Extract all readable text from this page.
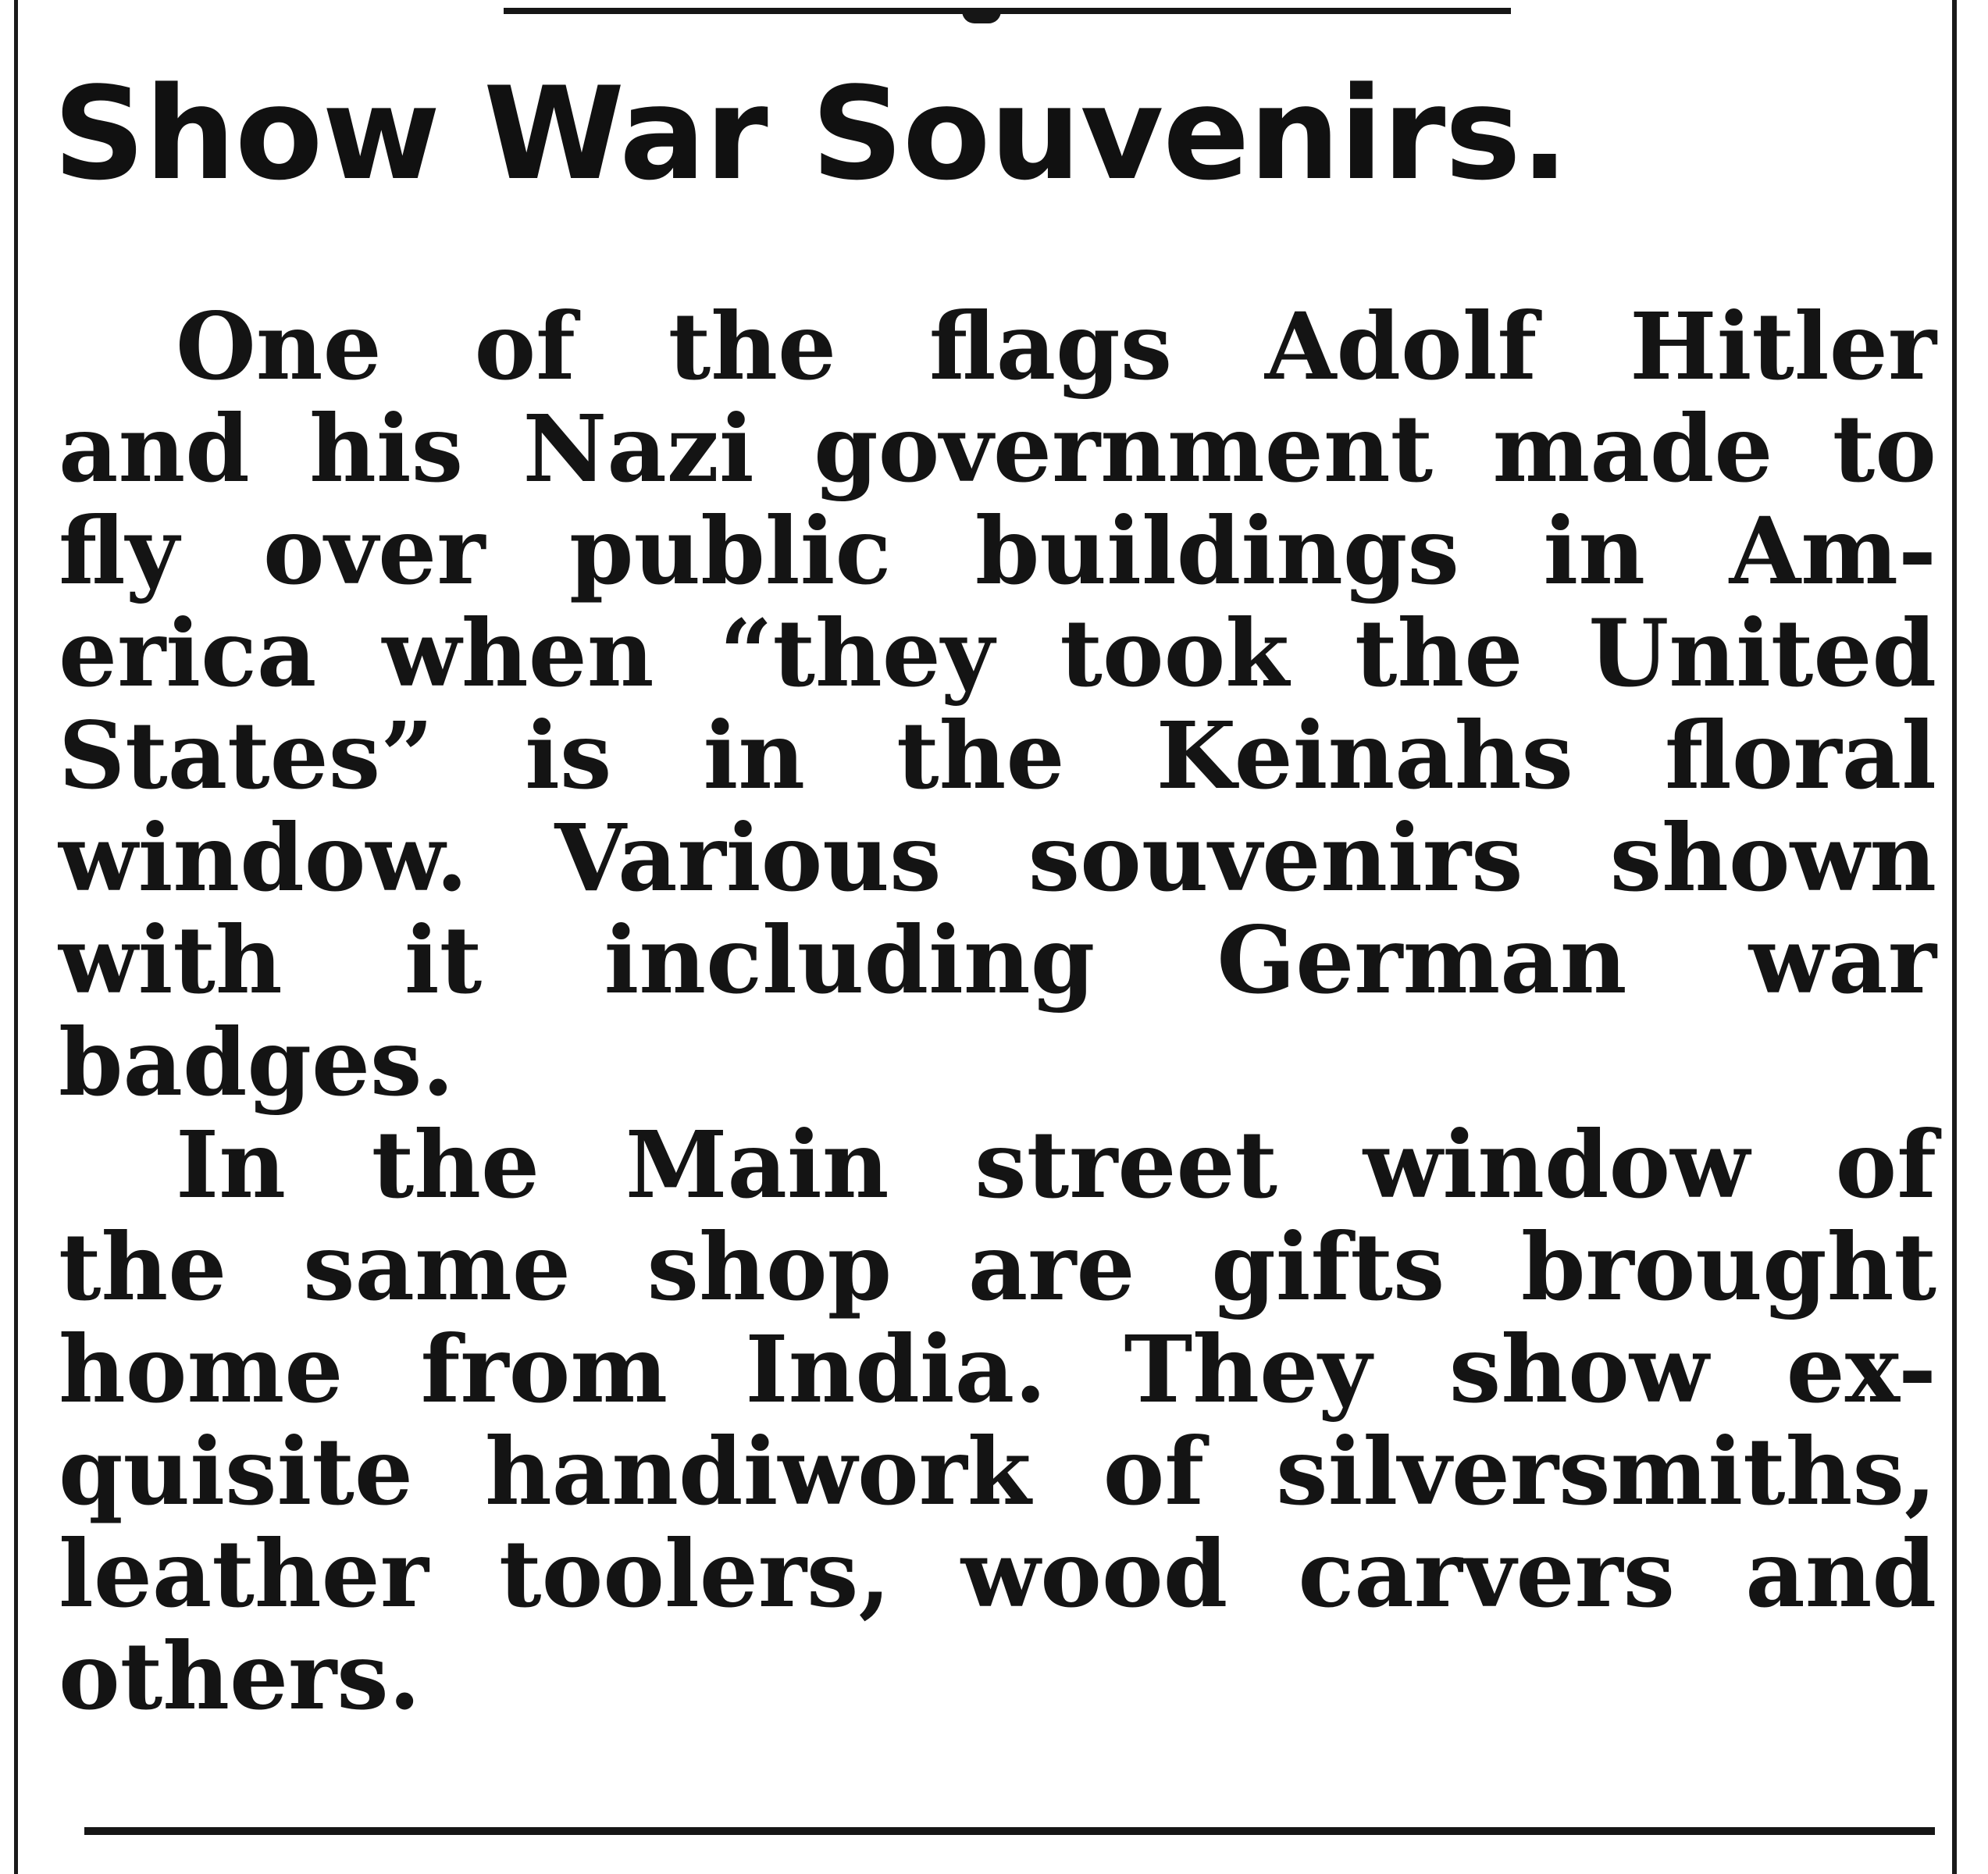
Show War Souvenirs.
One of the flags Adolf Hitler
and his Nazi government made to
fly over public buildings in Am-
erica when “they took the United
States” is in the Keinahs floral
window. Various souvenirs shown
with it including German war
badges.
In the Main street window of
the same shop are gifts brought
home from India. They show ex-
quisite handiwork of silversmiths,
leather toolers, wood carvers and
others.
